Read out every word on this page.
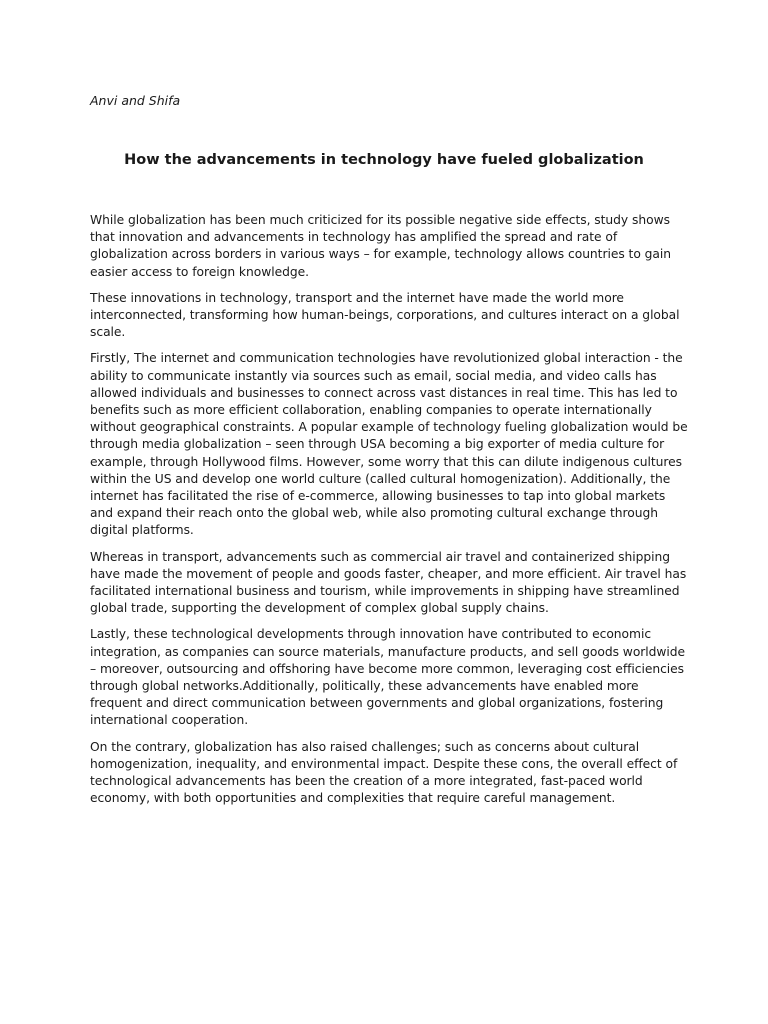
Anvi and Shifa

How the advancements in technology have fueled globalization

While globalization has been much criticized for its possible negative side effects, study shows that innovation and advancements in technology has amplified the spread and rate of globalization across borders in various ways – for example, technology allows countries to gain easier access to foreign knowledge.

These innovations in technology, transport and the internet have made the world more interconnected, transforming how human-beings, corporations, and cultures interact on a global scale.

Firstly, The internet and communication technologies have revolutionized global interaction - the ability to communicate instantly via sources such as email, social media, and video calls has allowed individuals and businesses to connect across vast distances in real time. This has led to benefits such as more efficient collaboration, enabling companies to operate internationally without geographical constraints. A popular example of technology fueling globalization would be through media globalization – seen through USA becoming a big exporter of media culture for example, through Hollywood films. However, some worry that this can dilute indigenous cultures within the US and develop one world culture (called cultural homogenization). Additionally, the internet has facilitated the rise of e-commerce, allowing businesses to tap into global markets and expand their reach onto the global web, while also promoting cultural exchange through digital platforms.

Whereas in transport, advancements such as commercial air travel and containerized shipping have made the movement of people and goods faster, cheaper, and more efficient. Air travel has facilitated international business and tourism, while improvements in shipping have streamlined global trade, supporting the development of complex global supply chains.

Lastly, these technological developments through innovation have contributed to economic integration, as companies can source materials, manufacture products, and sell goods worldwide – moreover, outsourcing and offshoring have become more common, leveraging cost efficiencies through global networks.Additionally, politically, these advancements have enabled more frequent and direct communication between governments and global organizations, fostering international cooperation.

On the contrary, globalization has also raised challenges; such as concerns about cultural homogenization, inequality, and environmental impact. Despite these cons, the overall effect of technological advancements has been the creation of a more integrated, fast-paced world economy, with both opportunities and complexities that require careful management.
